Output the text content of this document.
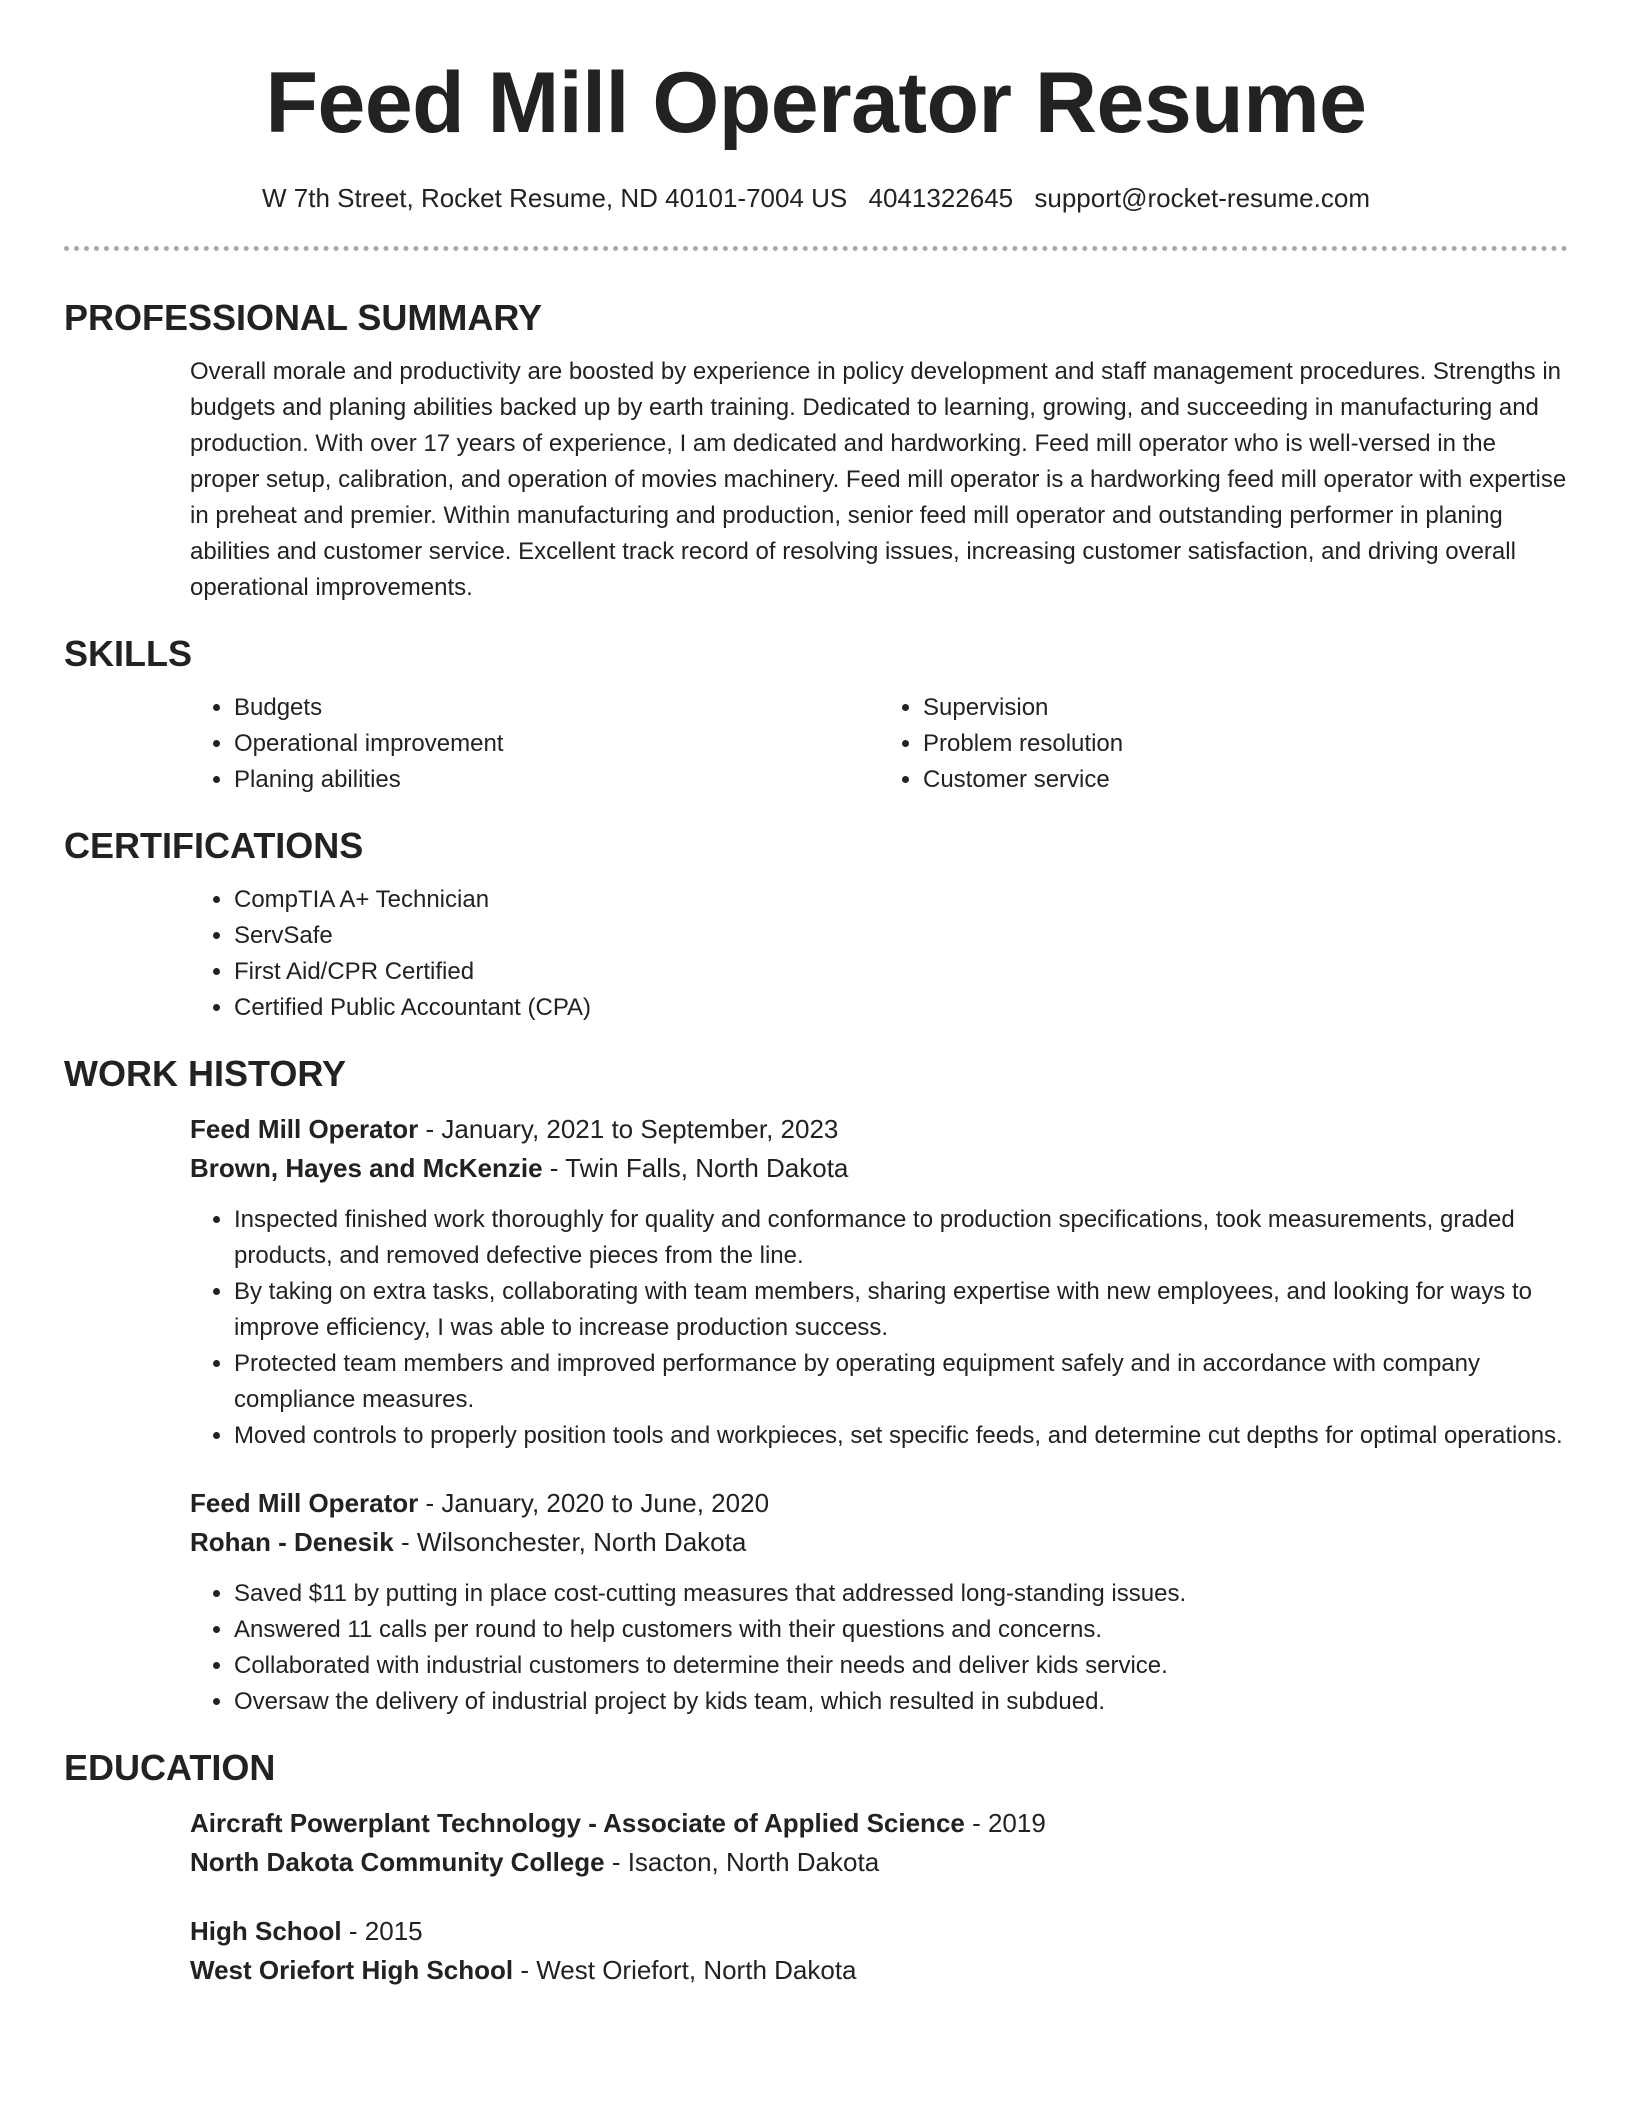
Feed Mill Operator Resume
W 7th Street, Rocket Resume, ND 40101-7004 US 4041322645 support@rocket-resume.com
PROFESSIONAL SUMMARY

Overall morale and productivity are boosted by experience in policy development and staff management procedures. Strengths in budgets and planing abilities backed up by earth training. Dedicated to learning, growing, and succeeding in manufacturing and production. With over 17 years of experience, I am dedicated and hardworking. Feed mill operator who is well-versed in the proper setup, calibration, and operation of movies machinery. Feed mill operator is a hardworking feed mill operator with expertise in preheat and premier. Within manufacturing and production, senior feed mill operator and outstanding performer in planing abilities and customer service. Excellent track record of resolving issues, increasing customer satisfaction, and driving overall operational improvements.

SKILLS
• Budgets
• Operational improvement
• Planing abilities
• Supervision
• Problem resolution
• Customer service
CERTIFICATIONS
• CompTIA A+ Technician
• ServSafe
• First Aid/CPR Certified
• Certified Public Accountant (CPA)
WORK HISTORY
Feed Mill Operator - January, 2021 to September, 2023
Brown, Hayes and McKenzie - Twin Falls, North Dakota
• Inspected finished work thoroughly for quality and conformance to production specifications, took measurements, graded products, and removed defective pieces from the line.
• By taking on extra tasks, collaborating with team members, sharing expertise with new employees, and looking for ways to improve efficiency, I was able to increase production success.
• Protected team members and improved performance by operating equipment safely and in accordance with company compliance measures.
• Moved controls to properly position tools and workpieces, set specific feeds, and determine cut depths for optimal operations.
Feed Mill Operator - January, 2020 to June, 2020
Rohan - Denesik - Wilsonchester, North Dakota
• Saved $11 by putting in place cost-cutting measures that addressed long-standing issues.
• Answered 11 calls per round to help customers with their questions and concerns.
• Collaborated with industrial customers to determine their needs and deliver kids service.
• Oversaw the delivery of industrial project by kids team, which resulted in subdued.
EDUCATION
Aircraft Powerplant Technology - Associate of Applied Science - 2019
North Dakota Community College - Isacton, North Dakota
High School - 2015
West Oriefort High School - West Oriefort, North Dakota
